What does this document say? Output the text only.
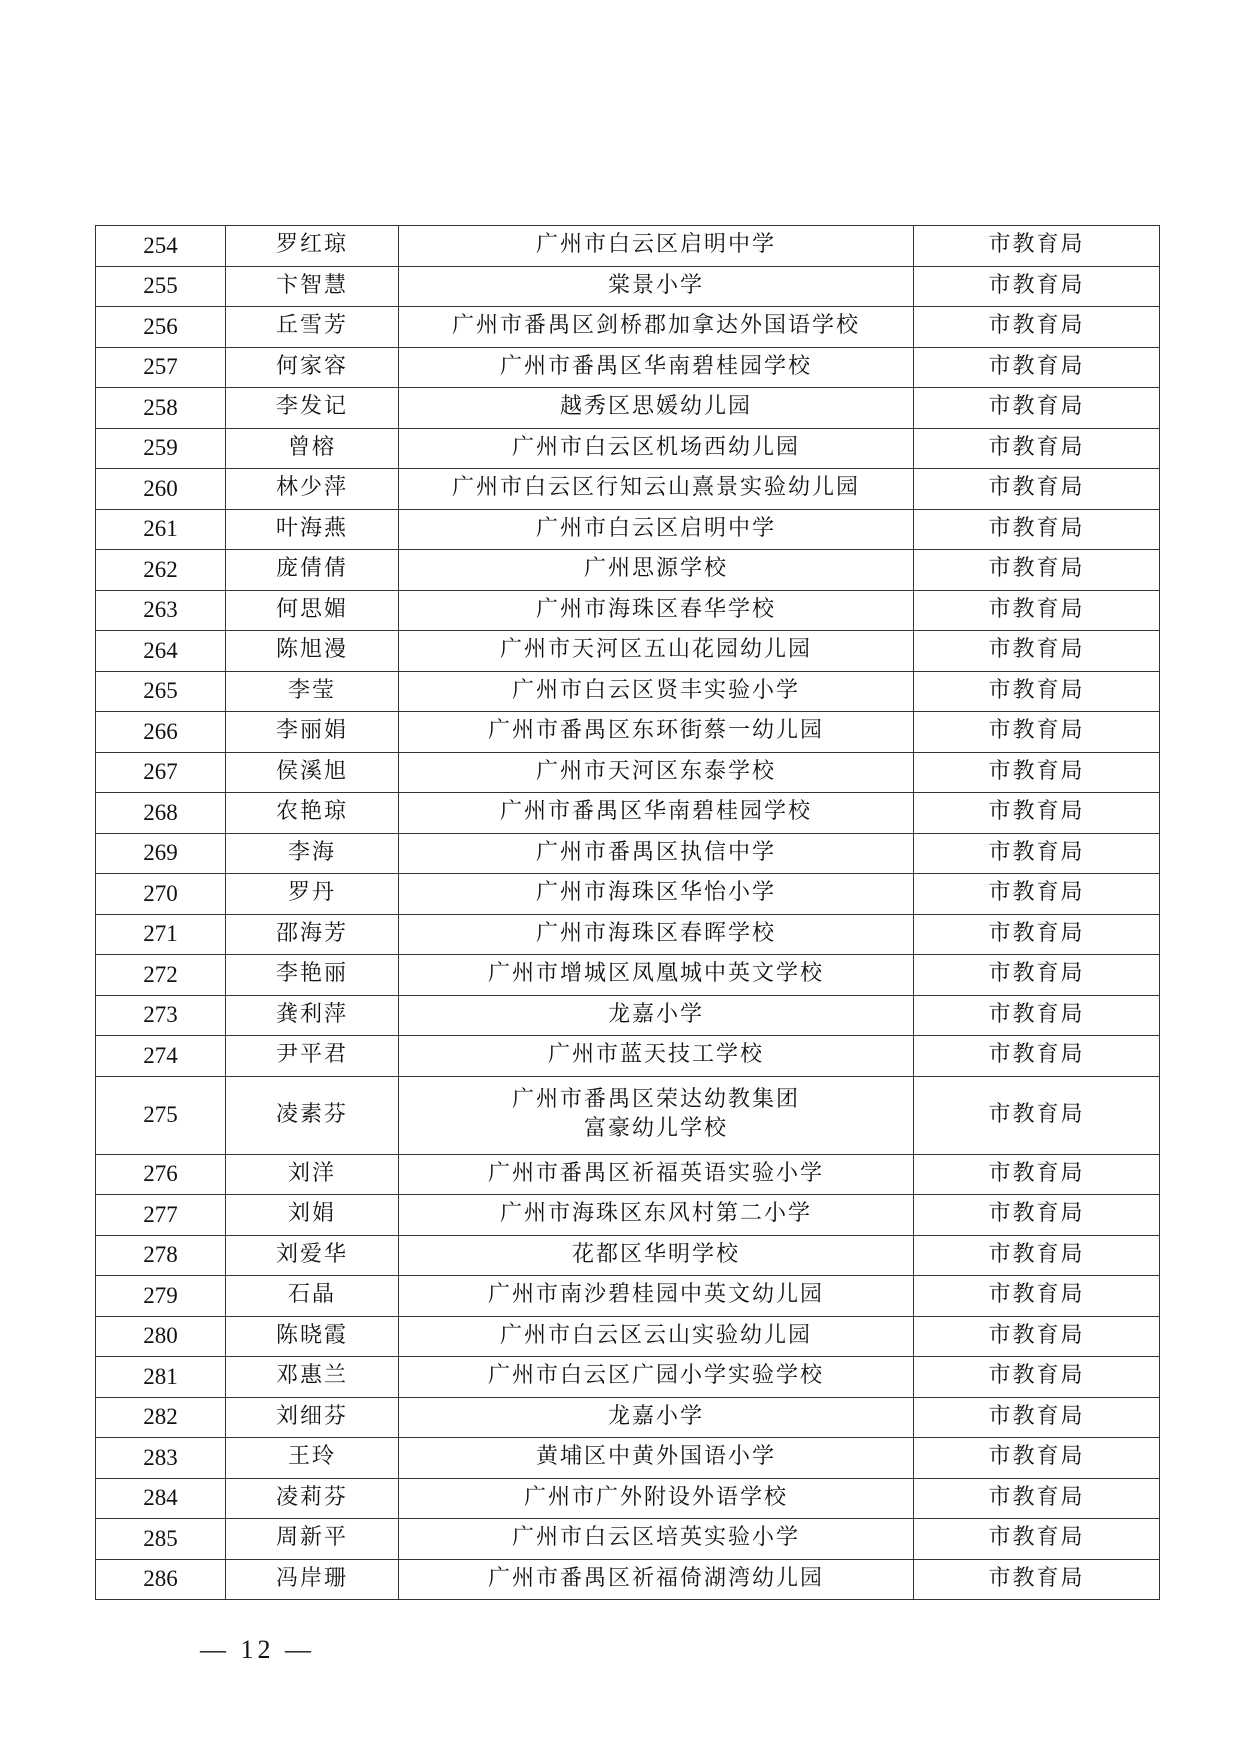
254	罗红琼	广州市白云区启明中学	市教育局
255	卞智慧	棠景小学	市教育局
256	丘雪芳	广州市番禺区剑桥郡加拿达外国语学校	市教育局
257	何家容	广州市番禺区华南碧桂园学校	市教育局
258	李发记	越秀区思媛幼儿园	市教育局
259	曾榕	广州市白云区机场西幼儿园	市教育局
260	林少萍	广州市白云区行知云山熹景实验幼儿园	市教育局
261	叶海燕	广州市白云区启明中学	市教育局
262	庞倩倩	广州思源学校	市教育局
263	何思媚	广州市海珠区春华学校	市教育局
264	陈旭漫	广州市天河区五山花园幼儿园	市教育局
265	李莹	广州市白云区贤丰实验小学	市教育局
266	李丽娟	广州市番禺区东环街蔡一幼儿园	市教育局
267	侯溪旭	广州市天河区东泰学校	市教育局
268	农艳琼	广州市番禺区华南碧桂园学校	市教育局
269	李海	广州市番禺区执信中学	市教育局
270	罗丹	广州市海珠区华怡小学	市教育局
271	邵海芳	广州市海珠区春晖学校	市教育局
272	李艳丽	广州市增城区凤凰城中英文学校	市教育局
273	龚利萍	龙嘉小学	市教育局
274	尹平君	广州市蓝天技工学校	市教育局
275	凌素芬	广州市番禺区荣达幼教集团
富豪幼儿学校	市教育局
276	刘洋	广州市番禺区祈福英语实验小学	市教育局
277	刘娟	广州市海珠区东风村第二小学	市教育局
278	刘爱华	花都区华明学校	市教育局
279	石晶	广州市南沙碧桂园中英文幼儿园	市教育局
280	陈晓霞	广州市白云区云山实验幼儿园	市教育局
281	邓惠兰	广州市白云区广园小学实验学校	市教育局
282	刘细芬	龙嘉小学	市教育局
283	王玲	黄埔区中黄外国语小学	市教育局
284	凌莉芬	广州市广外附设外语学校	市教育局
285	周新平	广州市白云区培英实验小学	市教育局
286	冯岸珊	广州市番禺区祈福倚湖湾幼儿园	市教育局
— 12 —
